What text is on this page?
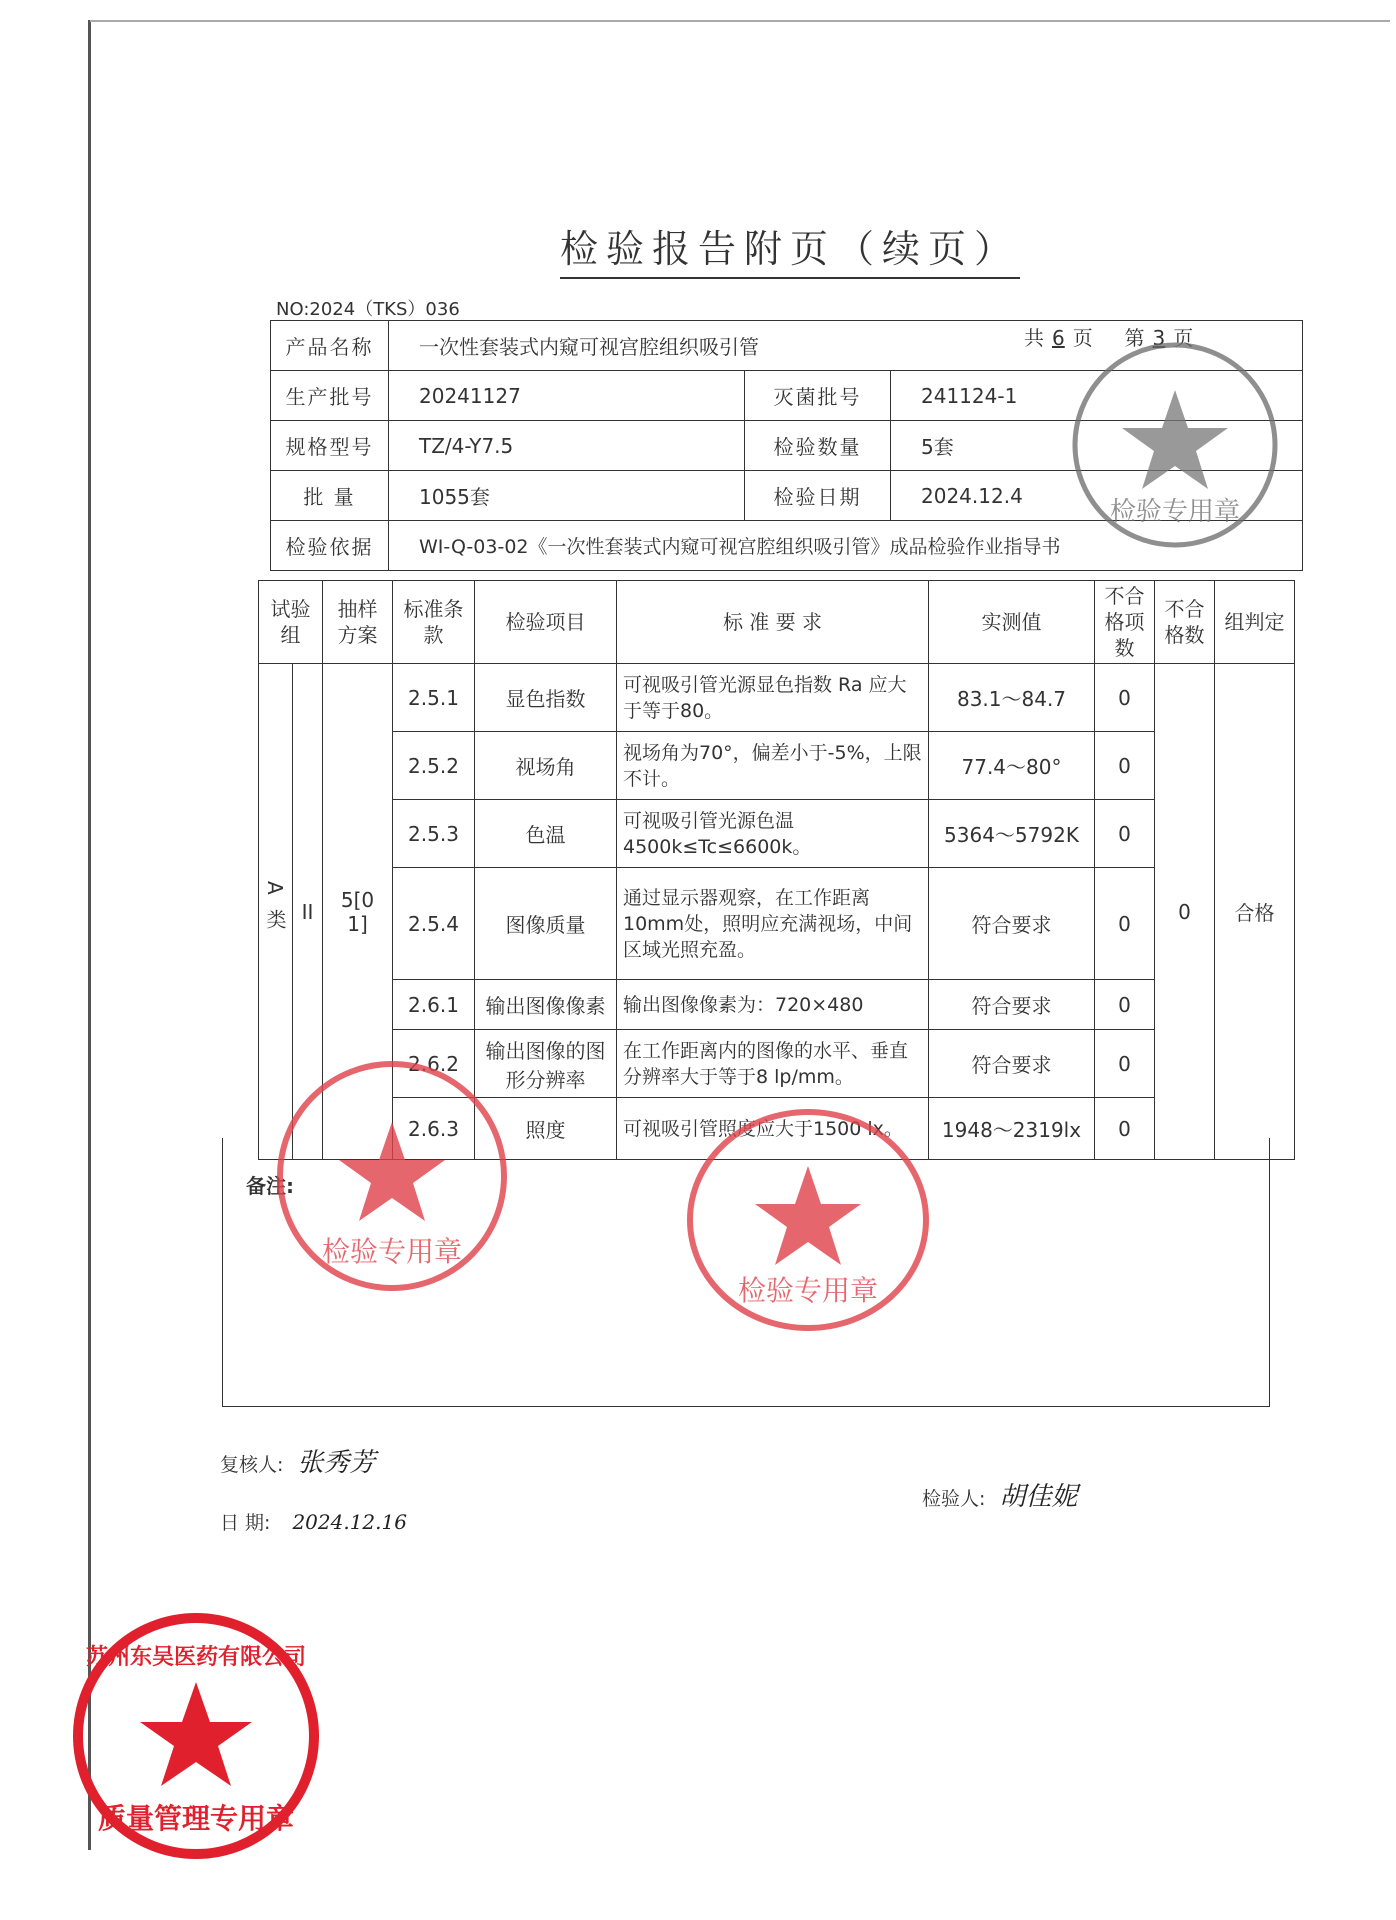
检验报告附页（续页）
NO:2024（TKS）036
共 6 页 第 3 页
产品名称	一次性套装式内窥可视宫腔组织吸引管		
生产批号	20241127	灭菌批号	241124-1
规格型号	TZ/4-Y7.5	检验数量	5套
批 量	1055套	检验日期	2024.12.4
检验依据	WI-Q-03-02《一次性套装式内窥可视宫腔组织吸引管》成品检验作业指导书		
试验组		抽样方案	标准条款	检验项目	标 准 要 求	实测值	不合格项数	不合格数	组判定
A类	II	5[0 1]	2.5.1	显色指数	可视吸引管光源显色指数 Ra 应大于等于80。	83.1～84.7	0	0	合格
			2.5.2	视场角	视场角为70°，偏差小于-5%，上限不计。	77.4～80°	0		
			2.5.3	色温	可视吸引管光源色温 4500k≤Tc≤6600k。	5364～5792K	0		
			2.5.4	图像质量	通过显示器观察，在工作距离10mm处，照明应充满视场，中间区域光照充盈。	符合要求	0		
			2.6.1	输出图像像素	输出图像像素为：720×480	符合要求	0		
			2.6.2	输出图像的图形分辨率	在工作距离内的图像的水平、垂直分辨率大于等于8 lp/mm。	符合要求	0		
			2.6.3	照度	可视吸引管照度应大于1500 lx。	1948～2319lx	0		
备注:
复核人: 张秀芳
检验人: 胡佳妮
日 期: 2024.12.16
检验专用章
检验专用章
检验专用章
质量管理专用章
苏州东吴医药有限公司
